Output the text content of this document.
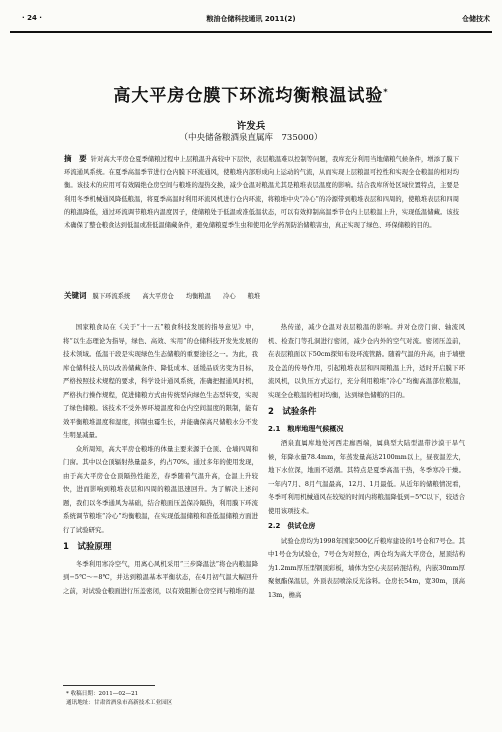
· 24 ·	粮油仓储科技通讯 2011(2)	仓储技术
高大平房仓膜下环流均衡粮温试验*
许发兵
（中央储备粮酒泉直属库　735000）
摘　要 针对高大平房仓夏季储粮过程中上层粮温升高较中下层快，表层粮温难以控制等问题，我库充分利用当地储粮气候条件，增添了膜下环流通风系统。在夏季高温季节进行仓内膜下环流通风，使粮堆内部形成向上运动的气流，从而实现上层粮温可控性和实现全仓粮温的相对均衡。该技术的应用可有效隔绝仓房空间与粮堆的湿热交换，减少仓温对粮温尤其是粮堆表层温度的影响。结合我库所处区域位置特点，主要是利用冬季机械通风降低粮温，将夏季高温时利用环流风机进行仓内环流，将粮堆中央“冷心”的冷源带到粮堆表层和四周的，使粮堆表层和四周的粮温降低，通过环流调节粮堆内温度因子，使储粮处于低温或准低温状态，可以有效抑制高温季节仓内上层粮温上升，实现低温储藏。该技术确保了整仓粮食达到低温或准低温储藏条件，避免储粮夏季生虫和使用化学药剂防治储粮害虫，真正实现了绿色、环保储粮的目的。
关键词 膜下环流系统 高大平房仓 均衡粮温 冷心 粮堆

国家粮食局在《关于“十一五”粮食科技发展的指导意见》中，将“以生态理论为指导，绿色、高效、实用”的仓储科技开发先发展的技术领域。低温干段是实现绿色生态储粮的重要途径之一。为此，我库仓储科技人员以改善储藏条件、降低成本、延缓品质劣变为目标，严格按照技术规程的要求，科学设计通风系统，准确把握通风时机，严格执行操作规程，促进储粮方式由传统型向绿色生态型转变，实现了绿色储粮。该技术不受外界环境温度和仓内空间温度的限制，能有效平衡粮堆温度和湿度，抑制虫霉生长，并能确保高尺储粮水分不发生明显减量。

众所周知，高大平房仓粮堆的体量主要来源于仓顶、仓墙四周和门窗。其中以仓顶辐射热量最多，约占70%。通过多年的使用发现，由于高大平房仓仓顶隔热性能差，春季随着气温升高，仓温上升较快，进而影响到粮堆表层和四周的粮温迅速回升。为了解决上述问题，我们以冬季通风为基础，结合粮面压盖保冷隔热，利用膜下环流系统调节粮堆“冷心”均衡粮温，在实现低温储粮和准低温储粮方面进行了试验研究。

1　试验原理

冬季利用寒冷空气，用离心风机采用“三步降温法”将仓内粮温降到−5℃～−8℃，并达到粮温基本平衡状态，在4月初气温大幅回升之前，对试验仓粮面进行压盖密闭，以有效阻断仓房空间与粮堆的湿

热传递，减少仓温对表层粮温的影响。并对仓房门窗、轴流风机、检查门等孔洞进行密闭，减少仓内外的空气对流。密闭压盖前，在表层粮面以下50cm探知布设环流管路。随着气温的升高，由于墙壁及仓盖的传导作用，引起粮堆表层和四周粮温上升，适时开启膜下环流风机，以负压方式运行，充分利用粮堆“冷心”均衡高温部位粮温，实现全仓粮温的相对均衡，达到绿色储粮的目的。

2　试验条件
2.1　粮库地理气候概况

酒泉直属库地处河西走廊西端，属典型大陆型温带沙漠干旱气候，年降水量78.4mm，年蒸发量高达2100mm以上，昼夜温差大，地下水位深，地面不返潮。其特点是夏季高温干热，冬季寒冷干燥。一年内7月、8月气温最高，12月、1月最低。从近年的储粮情况看，冬季可利用机械通风在较短的时间内将粮温降低到−5℃以下，较适合使用该项技术。

2.2　供试仓房

试验仓房均为1998年国家500亿斤粮库建设的1号仓和7号仓。其中1号仓为试验仓，7号仓为对照仓，两仓均为高大平房仓，屋顶结构为1.2mm厚压型钢顶彩板，墙体为空心夹层砖混结构，内嵌30mm厚聚氨酯保温层，外顶表层喷涂反光涂料。仓房长54m，宽30m，顶高13m，檐高

* 收稿日期：2011—02—21
通讯地址：甘肃省酒泉市高新技术工业园区
